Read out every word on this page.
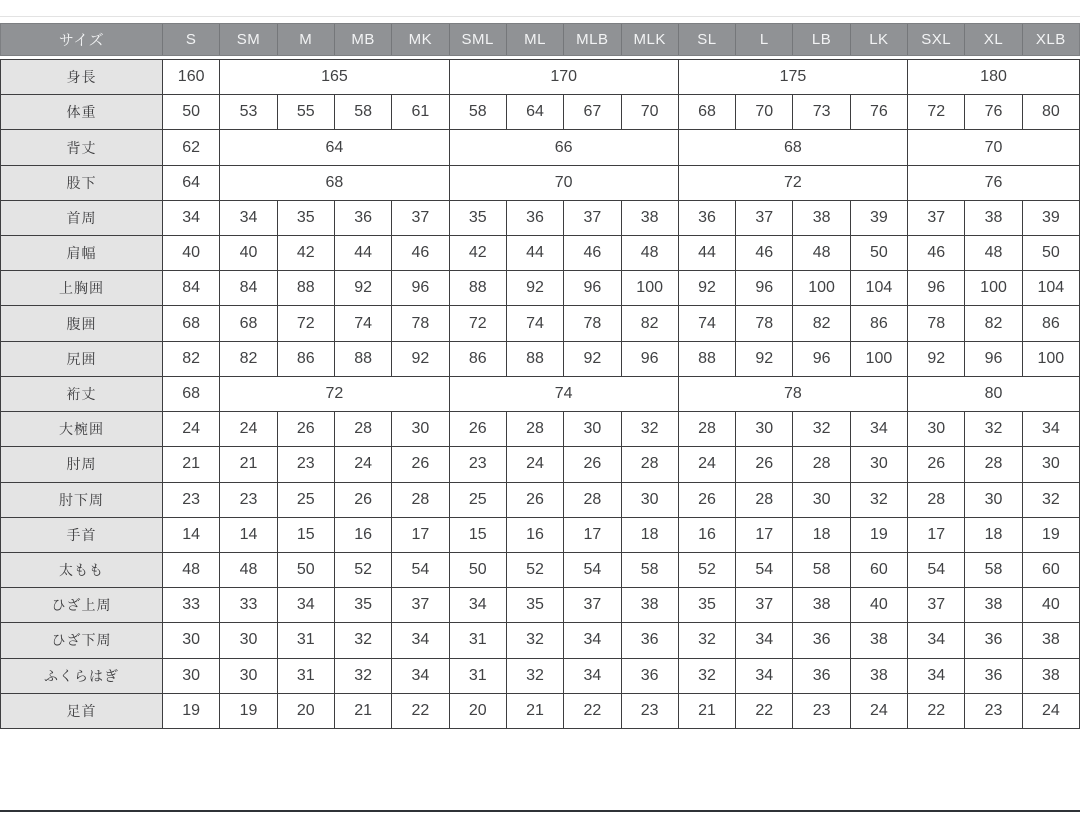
サイズ	S	SM	M	MB	MK	SML	ML	MLB	MLK	SL	L	LB	LK	SXL	XL	XLB
身長	160	165	170	175	180
体重	50	53	55	58	61	58	64	67	70	68	70	73	76	72	76	80
背丈	62	64	66	68	70
股下	64	68	70	72	76
首周	34	34	35	36	37	35	36	37	38	36	37	38	39	37	38	39
肩幅	40	40	42	44	46	42	44	46	48	44	46	48	50	46	48	50
上胸囲	84	84	88	92	96	88	92	96	100	92	96	100	104	96	100	104
腹囲	68	68	72	74	78	72	74	78	82	74	78	82	86	78	82	86
尻囲	82	82	86	88	92	86	88	92	96	88	92	96	100	92	96	100
裄丈	68	72	74	78	80
大椀囲	24	24	26	28	30	26	28	30	32	28	30	32	34	30	32	34
肘周	21	21	23	24	26	23	24	26	28	24	26	28	30	26	28	30
肘下周	23	23	25	26	28	25	26	28	30	26	28	30	32	28	30	32
手首	14	14	15	16	17	15	16	17	18	16	17	18	19	17	18	19
太もも	48	48	50	52	54	50	52	54	58	52	54	58	60	54	58	60
ひざ上周	33	33	34	35	37	34	35	37	38	35	37	38	40	37	38	40
ひざ下周	30	30	31	32	34	31	32	34	36	32	34	36	38	34	36	38
ふくらはぎ	30	30	31	32	34	31	32	34	36	32	34	36	38	34	36	38
足首	19	19	20	21	22	20	21	22	23	21	22	23	24	22	23	24
